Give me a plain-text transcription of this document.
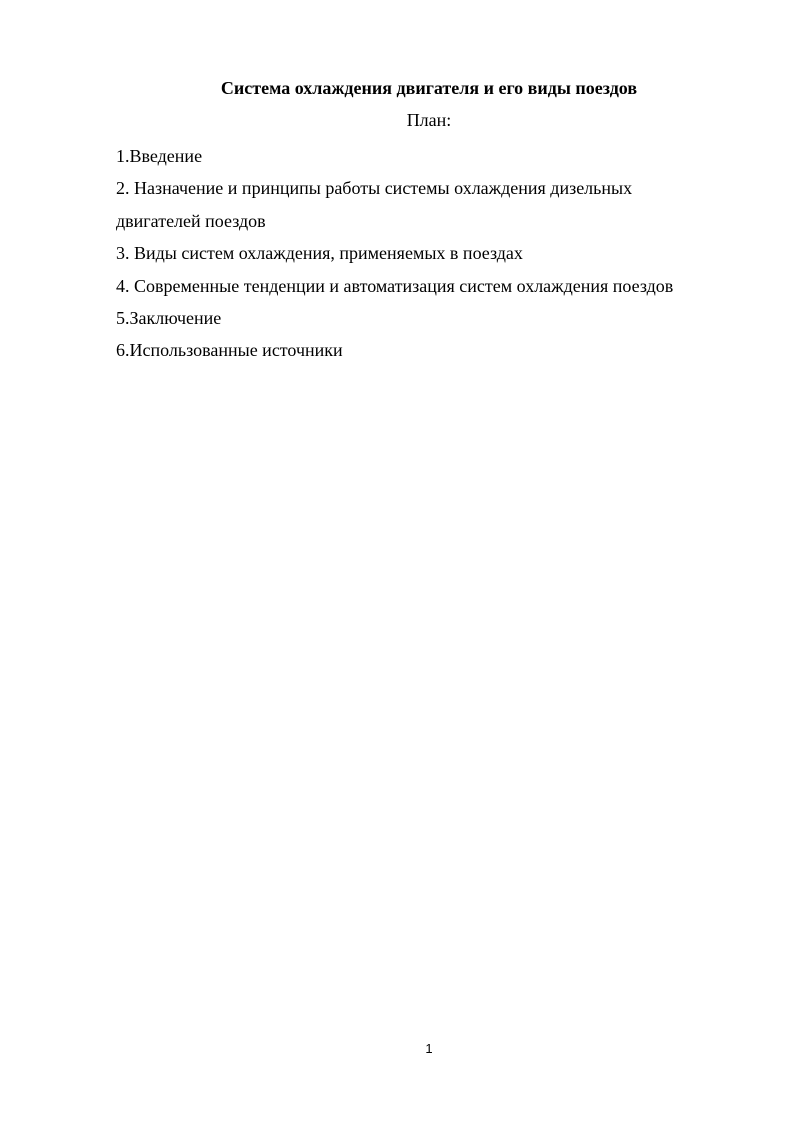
Система охлаждения двигателя и его виды поездов
План:
1.Введение
2. Назначение и принципы работы системы охлаждения дизельных
двигателей поездов
3. Виды систем охлаждения, применяемых в поездах
4. Современные тенденции и автоматизация систем охлаждения поездов
5.Заключение
6.Использованные источники
1
